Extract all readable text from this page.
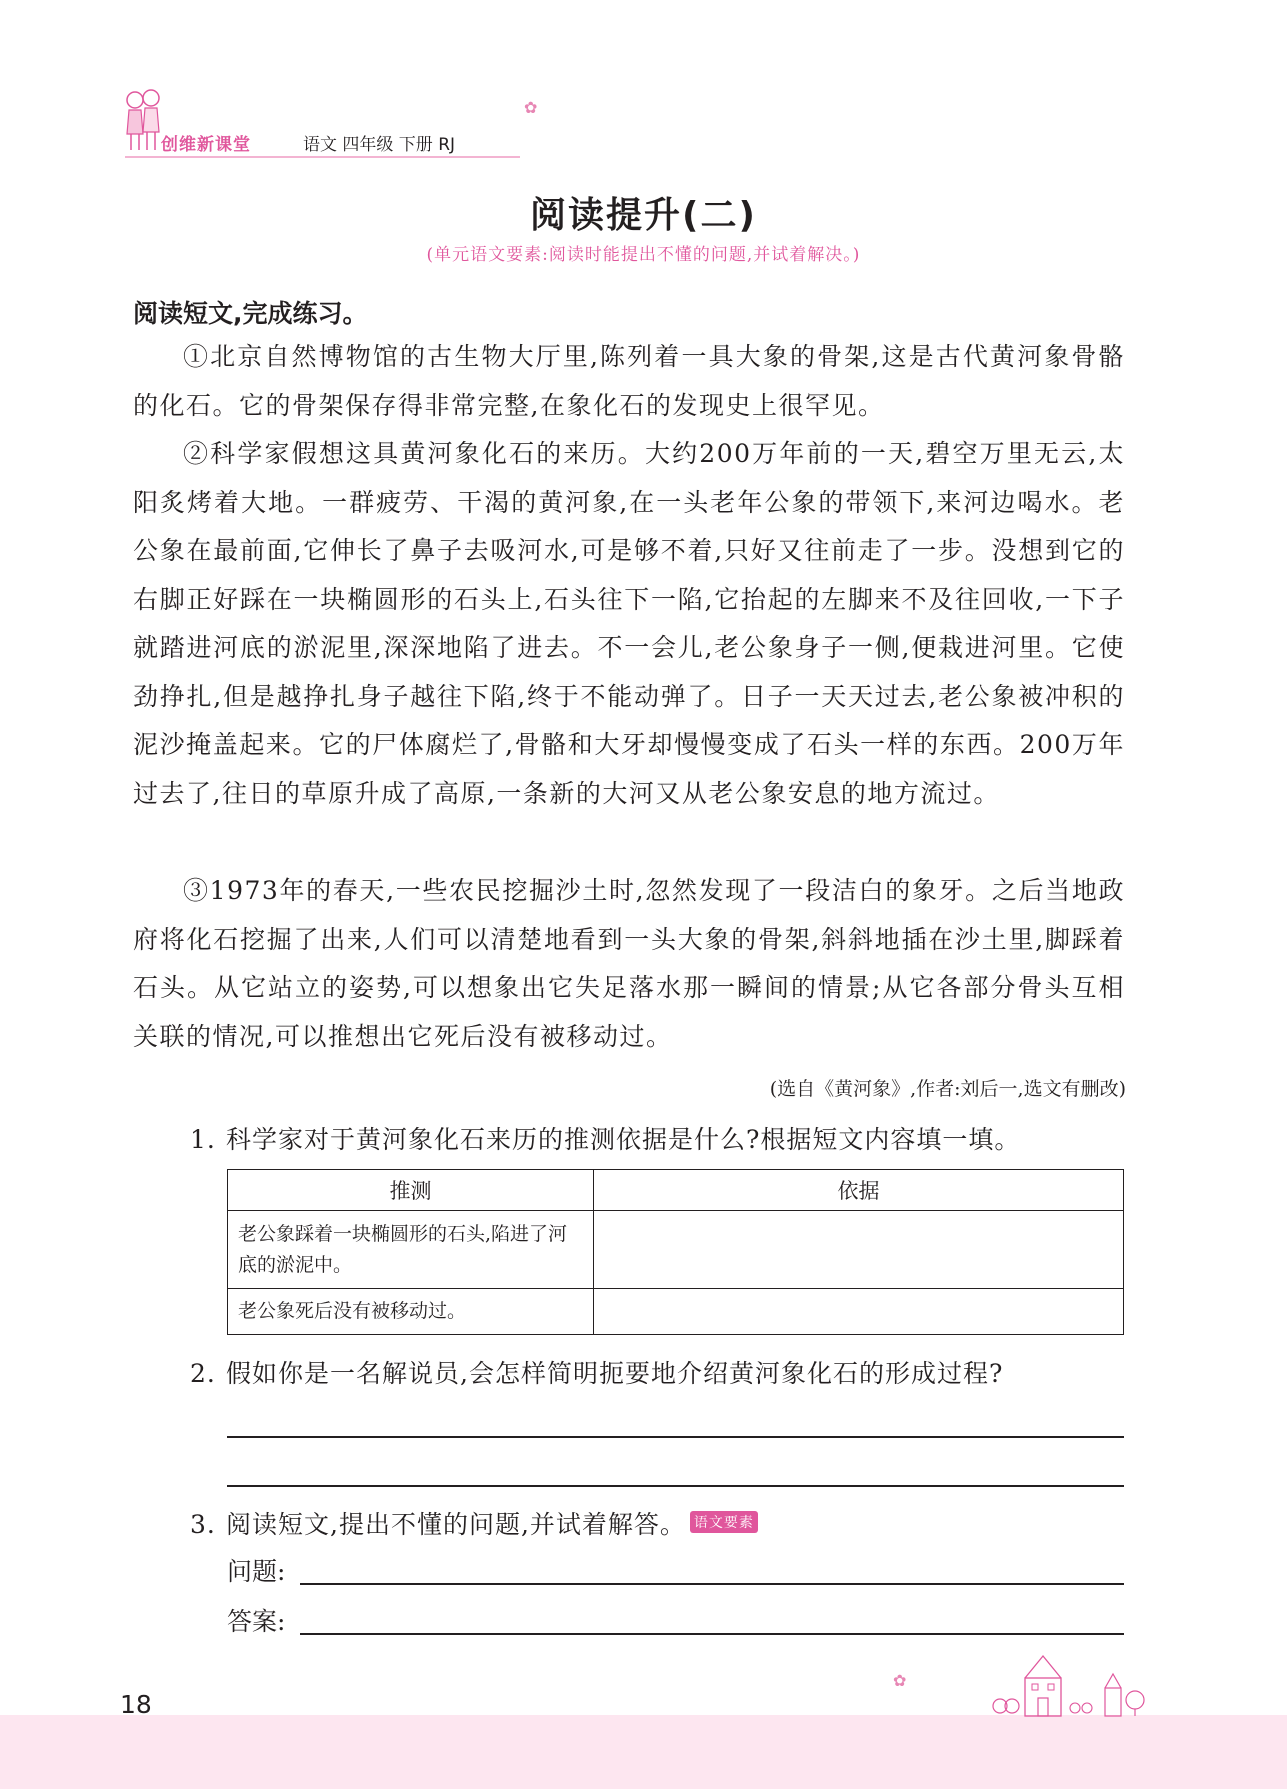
创维新课堂	语文 四年级 下册 RJ
✿
阅读提升(二)
(单元语文要素:阅读时能提出不懂的问题,并试着解决。)
阅读短文,完成练习。

①北京自然博物馆的古生物大厅里,陈列着一具大象的骨架,这是古代黄河象骨骼的化石。它的骨架保存得非常完整,在象化石的发现史上很罕见。

②科学家假想这具黄河象化石的来历。大约200万年前的一天,碧空万里无云,太阳炙烤着大地。一群疲劳、干渴的黄河象,在一头老年公象的带领下,来河边喝水。老公象在最前面,它伸长了鼻子去吸河水,可是够不着,只好又往前走了一步。没想到它的右脚正好踩在一块椭圆形的石头上,石头往下一陷,它抬起的左脚来不及往回收,一下子就踏进河底的淤泥里,深深地陷了进去。不一会儿,老公象身子一侧,便栽进河里。它使劲挣扎,但是越挣扎身子越往下陷,终于不能动弹了。日子一天天过去,老公象被冲积的泥沙掩盖起来。它的尸体腐烂了,骨骼和大牙却慢慢变成了石头一样的东西。200万年过去了,往日的草原升成了高原,一条新的大河又从老公象安息的地方流过。

③1973年的春天,一些农民挖掘沙土时,忽然发现了一段洁白的象牙。之后当地政府将化石挖掘了出来,人们可以清楚地看到一头大象的骨架,斜斜地插在沙土里,脚踩着石头。从它站立的姿势,可以想象出它失足落水那一瞬间的情景;从它各部分骨头互相关联的情况,可以推想出它死后没有被移动过。

(选自《黄河象》,作者:刘后一,选文有删改)
1. 科学家对于黄河象化石来历的推测依据是什么?根据短文内容填一填。
推测	依据
老公象踩着一块椭圆形的石头,陷进了河底的淤泥中。	
老公象死后没有被移动过。	
2. 假如你是一名解说员,会怎样简明扼要地介绍黄河象化石的形成过程?
3. 阅读短文,提出不懂的问题,并试着解答。 语文要素
问题:
答案:
18
✿
